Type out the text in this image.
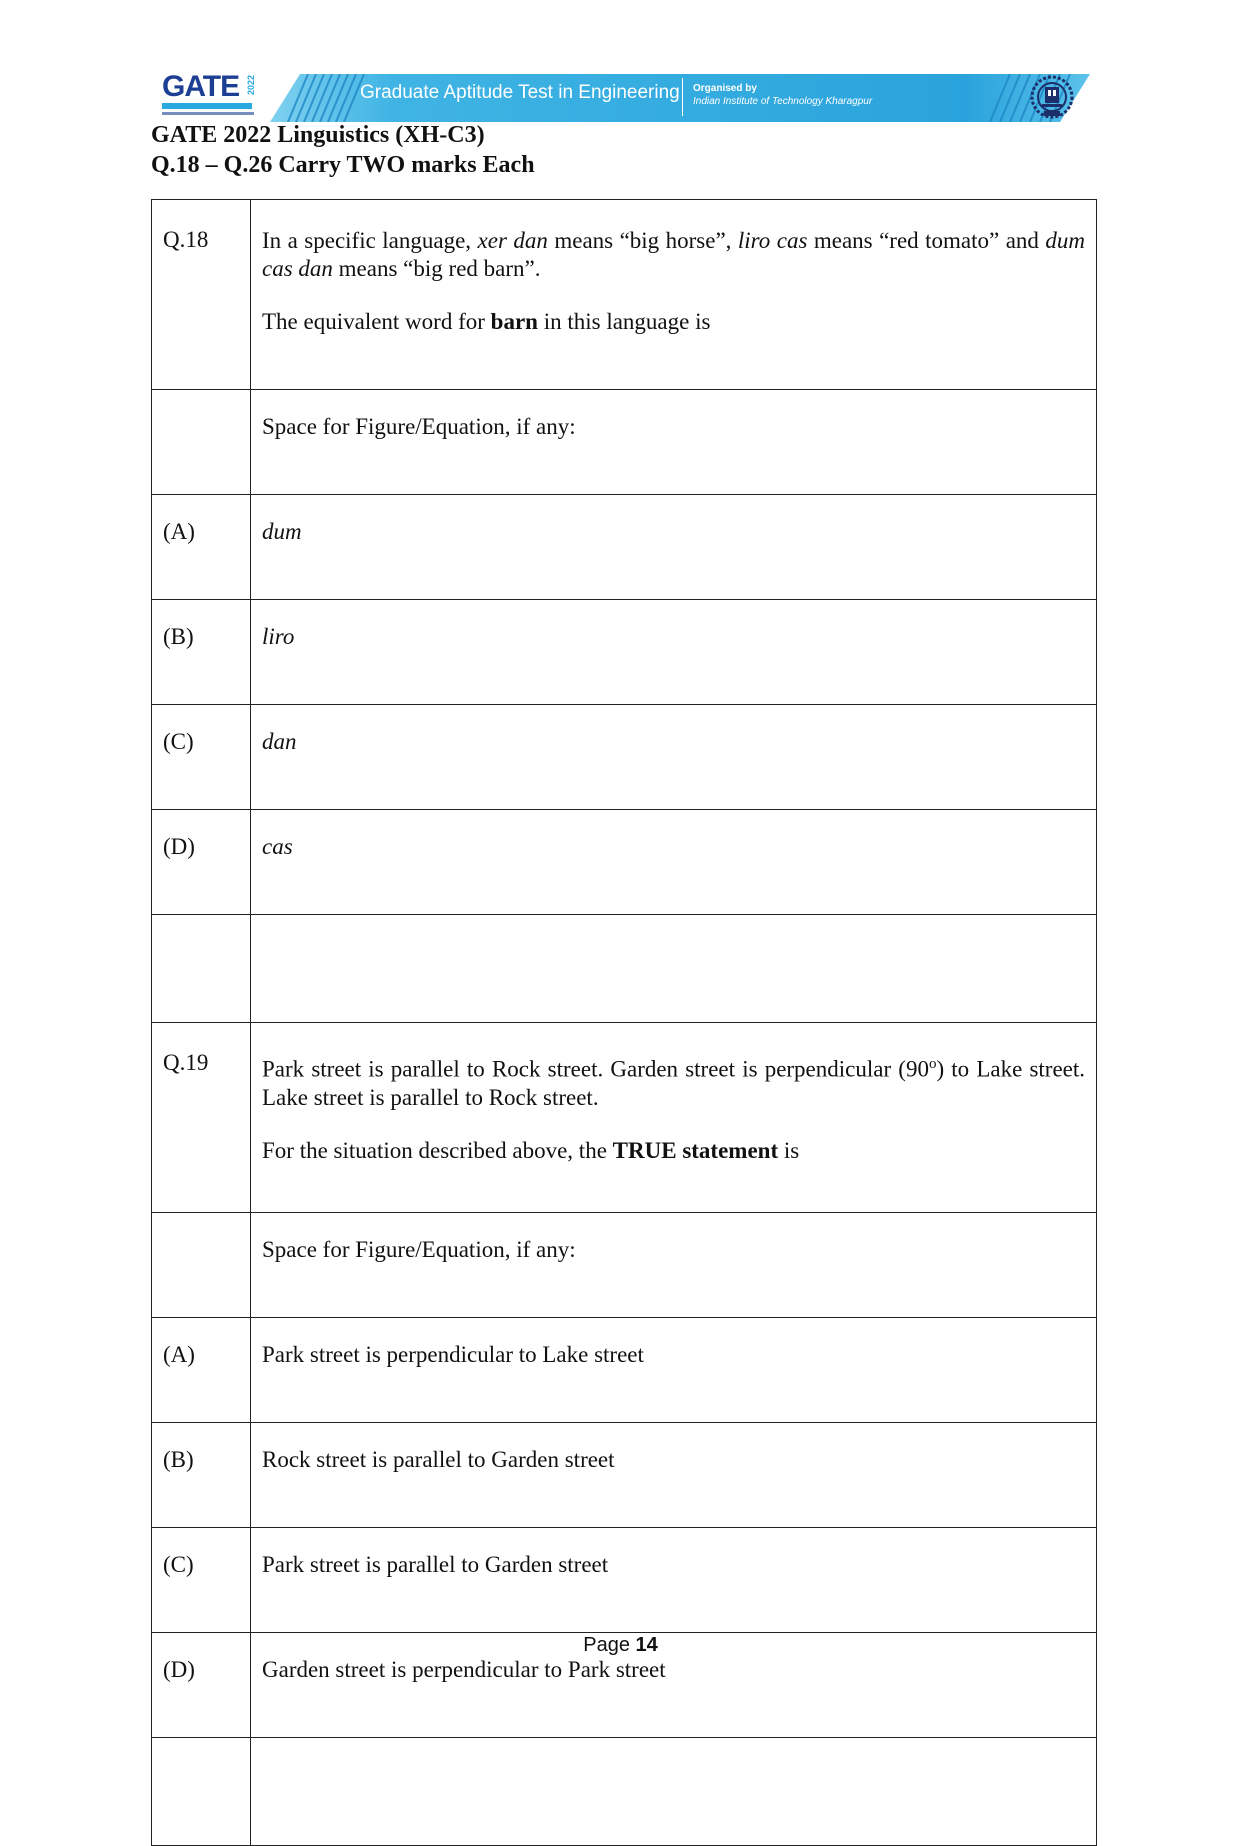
GATE 2022	Graduate Aptitude Test in Engineering Organised by
Indian Institute of Technology Kharagpur
GATE 2022 Linguistics (XH-C3)
Q.18 – Q.26 Carry TWO marks Each
Q.18	In a specific language, xer dan means “big horse”, liro cas means “red tomato” and dum cas dan means “big red barn”.

The equivalent word for barn in this language is

	Space for Figure/Equation, if any:
(A)	dum
(B)	liro
(C)	dan
(D)	cas

Q.19	Park street is parallel to Rock street. Garden street is perpendicular (90$^o$) to Lake street. Lake street is parallel to Rock street.

For the situation described above, the TRUE statement is

	Space for Figure/Equation, if any:
(A)	Park street is perpendicular to Lake street
(B)	Rock street is parallel to Garden street
(C)	Park street is parallel to Garden street
(D)	Garden street is perpendicular to Park street

Page 14
